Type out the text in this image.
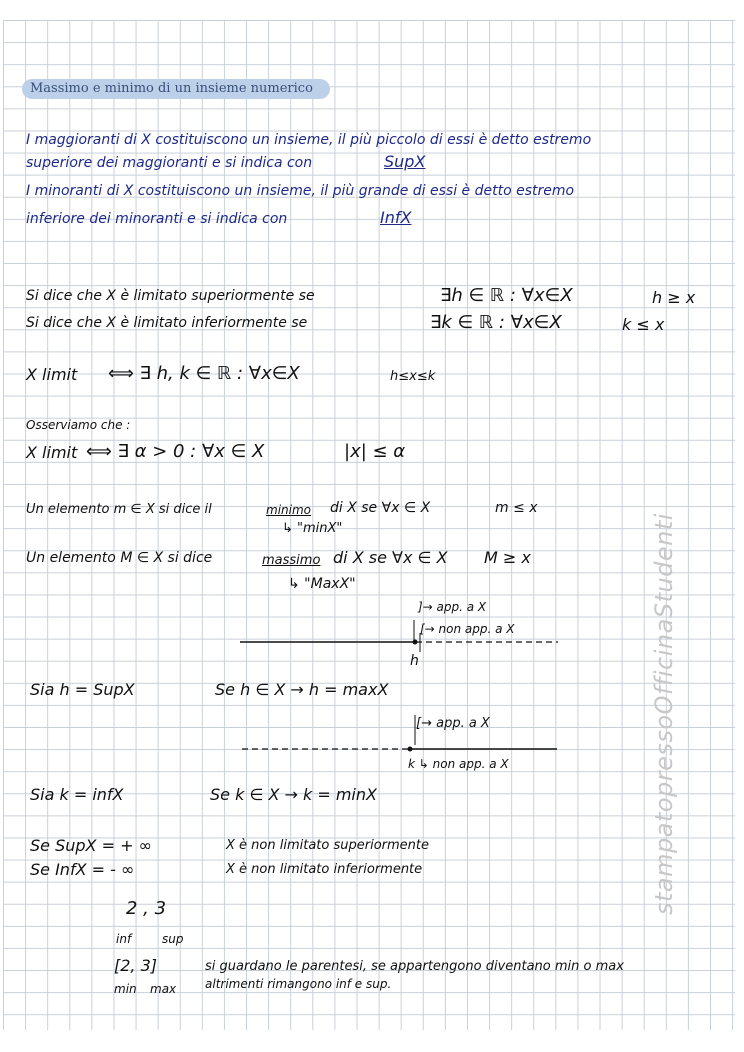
Massimo e minimo di un insieme numerico
I maggioranti di X costituiscono un insieme, il più piccolo di essi è detto estremo
superiore dei maggioranti e si indica con	SupX
I minoranti di X costituiscono un insieme, il più grande di essi è detto estremo
inferiore dei minoranti e si indica con	InfX
Si dice che X è limitato superiormente se	∃h ∈ ℝ : ∀x∈X	h ≥ x
Si dice che X è limitato inferiormente se	∃k ∈ ℝ : ∀x∈X	k ≤ x
X limit ⟺ ∃ h, k ∈ ℝ : ∀x∈X	h≤x≤k
Osserviamo che :
X limit ⟺ ∃ α > 0 : ∀x ∈ X	|x| ≤ α
Un elemento m ∈ X si dice il	minimo di X se ∀x ∈ X	m ≤ x
↳ "minX"
Un elemento M ∈ X si dice	massimo di X se ∀x ∈ X M ≥ x
↳ "MaxX"
]→ app. a X
[→ non app. a X
h
Sia h = SupX	Se h ∈ X → h = maxX
[→ app. a X
k ↳ non app. a X
Sia k = infX	Se k ∈ X → k = minX
Se SupX = + ∞	X è non limitato superiormente
Se InfX = - ∞	X è non limitato inferiormente
2 , 3
inf	sup
[2, 3]
min max
si guardano le parentesi, se appartengono diventano min o max
altrimenti rimangono inf e sup.
stampatopressoOfficinaStudenti
